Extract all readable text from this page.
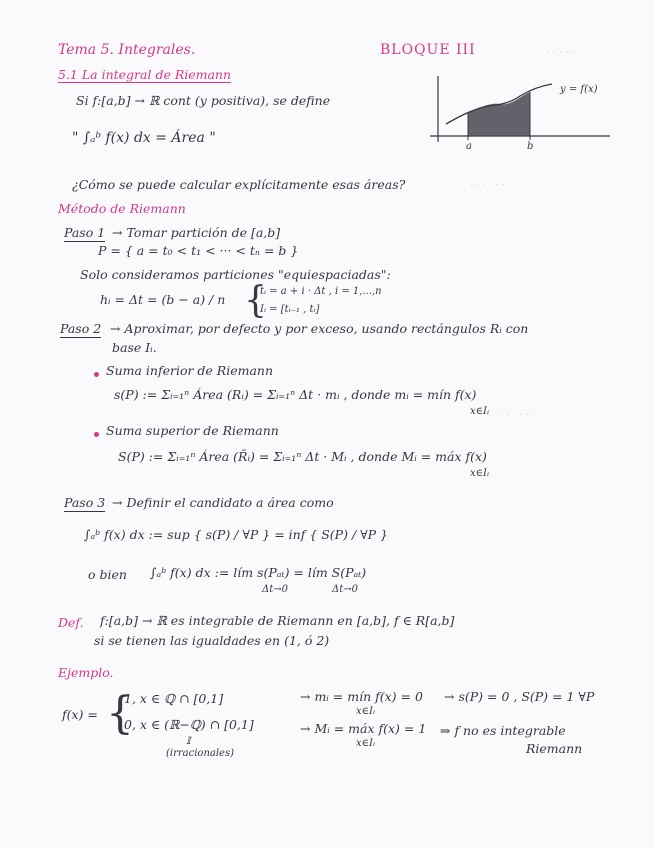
· · · · · ·
· · · · · · · ·
· · · · · ·
Tema 5. Integrales.	BLOQUE III
5.1 La integral de Riemann
Si f:[a,b] → ℝ cont (y positiva), se define
" ∫ₐᵇ f(x) dx = Área "
y = f(x)
a	b
¿Cómo se puede calcular explícitamente esas áreas?
Método de Riemann
Paso 1 → Tomar partición de [a,b]
P = { a = t₀ < t₁ < ··· < tₙ = b }
Solo consideramos particiones "equiespaciadas":
hᵢ = Δt = (b − a) / n {
tᵢ = a + i · Δt , i = 1,...,n
Iᵢ = [tᵢ₋₁ , tᵢ]
Paso 2 → Aproximar, por defecto y por exceso, usando rectángulos Rᵢ con
base Iᵢ.
Suma inferior de Riemann
s(P) := Σᵢ₌₁ⁿ Área (Rᵢ) = Σᵢ₌₁ⁿ Δt · mᵢ , donde mᵢ = mín f(x)
x∈Iᵢ
Suma superior de Riemann
S(P) := Σᵢ₌₁ⁿ Área (R̄ᵢ) = Σᵢ₌₁ⁿ Δt · Mᵢ , donde Mᵢ = máx f(x)
x∈Iᵢ
Paso 3 → Definir el candidato a área como
∫ₐᵇ f(x) dx := sup { s(P) / ∀P } = inf { S(P) / ∀P }
o bien ∫ₐᵇ f(x) dx := lím s(Pₐₜ) = lím S(Pₐₜ)
Δt→0	Δt→0
Def. f:[a,b] → ℝ es integrable de Riemann en [a,b], f ∈ R[a,b]
si se tienen las igualdades en (1, ó 2)
Ejemplo.
f(x) = {
1, x ∈ ℚ ∩ [0,1]
0, x ∈ (ℝ−ℚ) ∩ [0,1]
𝕀
(irracionales)
→ mᵢ = mín f(x) = 0
x∈Iᵢ
→ s(P) = 0 , S(P) = 1 ∀P
→ Mᵢ = máx f(x) = 1
x∈Iᵢ
⇒ f no es integrable
Riemann
